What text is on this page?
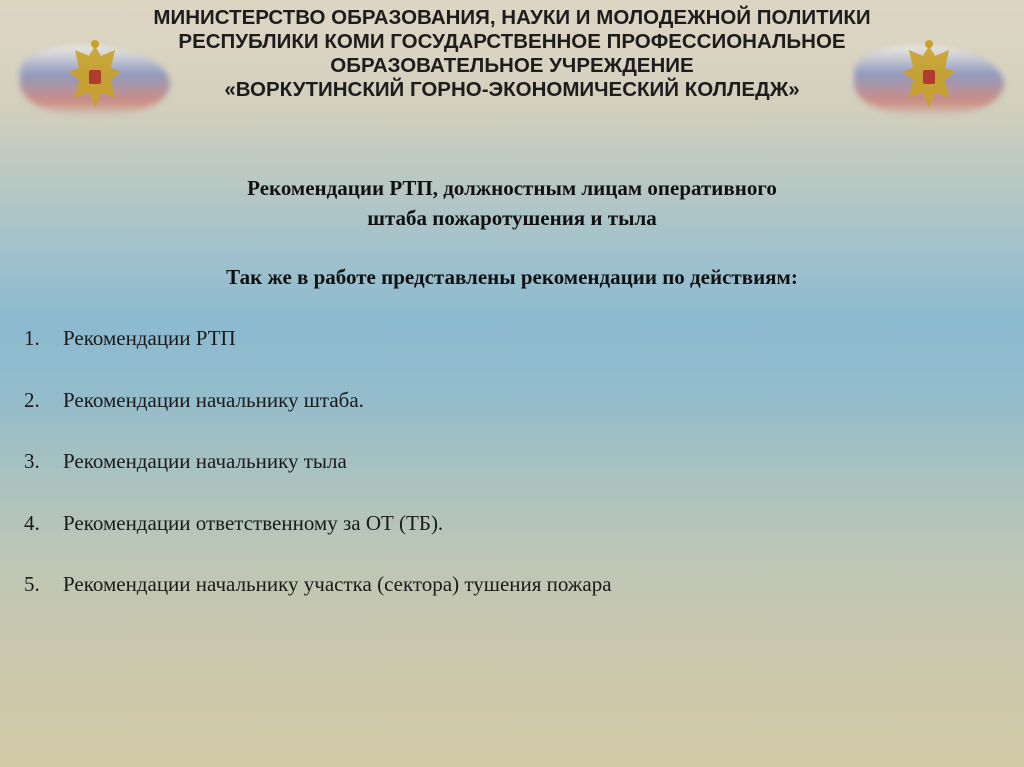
МИНИСТЕРСТВО ОБРАЗОВАНИЯ, НАУКИ И МОЛОДЕЖНОЙ ПОЛИТИКИ
РЕСПУБЛИКИ КОМИ ГОСУДАРСТВЕННОЕ ПРОФЕССИОНАЛЬНОЕ
ОБРАЗОВАТЕЛЬНОЕ УЧРЕЖДЕНИЕ
«ВОРКУТИНСКИЙ ГОРНО-ЭКОНОМИЧЕСКИЙ КОЛЛЕДЖ»
Рекомендации РТП, должностным лицам оперативного
штаба пожаротушения и тыла
Так же в работе представлены рекомендации по действиям:
1. Рекомендации РТП
2. Рекомендации начальнику штаба.
3. Рекомендации начальнику тыла
4. Рекомендации ответственному за ОТ (ТБ).
5. Рекомендации начальнику участка (сектора) тушения пожара
